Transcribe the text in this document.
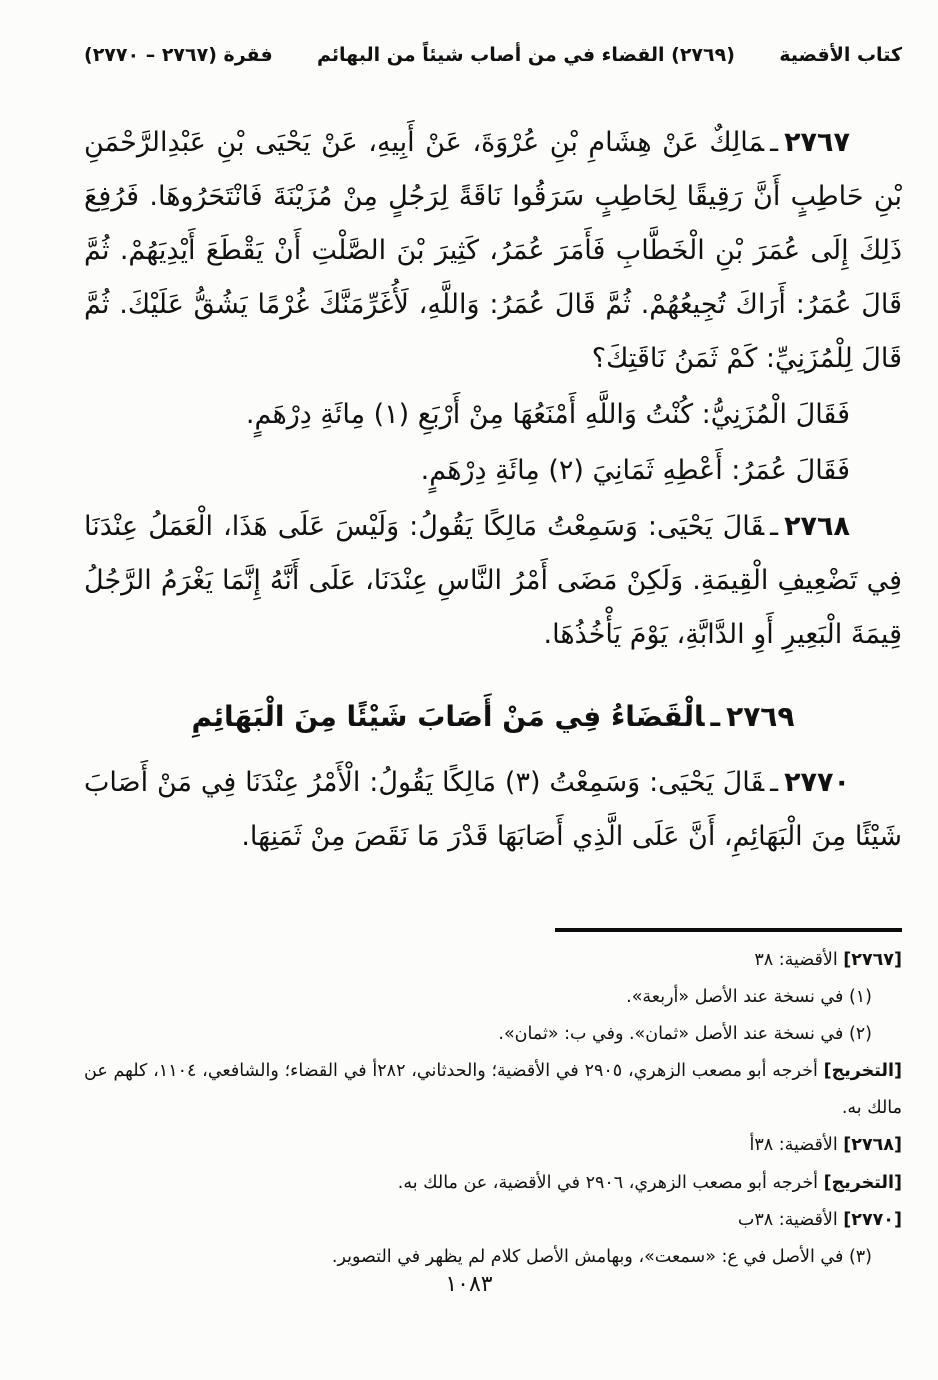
كتاب الأقضية
(٢٧٦٩) القضاء في من أصاب شيئاً من البهائم
فقرة (٢٧٦٧ – ٢٧٧٠)

٢٧٦٧ـمَالِكٌ عَنْ هِشَامِ بْنِ عُرْوَةَ، عَنْ أَبِيهِ، عَنْ يَحْيَى بْنِ عَبْدِالرَّحْمَنِ بْنِ حَاطِبٍ أَنَّ رَقِيقًا لِحَاطِبٍ سَرَقُوا نَاقَةً لِرَجُلٍ مِنْ مُزَيْنَةَ فَانْتَحَرُوهَا. فَرُفِعَ ذَلِكَ إِلَى عُمَرَ بْنِ الْخَطَّابِ فَأَمَرَ عُمَرُ، كَثِيرَ بْنَ الصَّلْتِ أَنْ يَقْطَعَ أَيْدِيَهُمْ. ثُمَّ قَالَ عُمَرُ: أَرَاكَ تُجِيعُهُمْ. ثُمَّ قَالَ عُمَرُ: وَاللَّهِ، لَأُغَرِّمَنَّكَ غُرْمًا يَشُقُّ عَلَيْكَ. ثُمَّ قَالَ لِلْمُزَنِيِّ: كَمْ ثَمَنُ نَاقَتِكَ؟

فَقَالَ الْمُزَنِيُّ: كُنْتُ وَاللَّهِ أَمْنَعُهَا مِنْ أَرْبَعِ (١) مِائَةِ دِرْهَمٍ.

فَقَالَ عُمَرُ: أَعْطِهِ ثَمَانِيَ (٢) مِائَةِ دِرْهَمٍ.

٢٧٦٨ـقَالَ يَحْيَى: وَسَمِعْتُ مَالِكًا يَقُولُ: وَلَيْسَ عَلَى هَذَا، الْعَمَلُ عِنْدَنَا فِي تَضْعِيفِ الْقِيمَةِ. وَلَكِنْ مَضَى أَمْرُ النَّاسِ عِنْدَنَا، عَلَى أَنَّهُ إِنَّمَا يَغْرَمُ الرَّجُلُ قِيمَةَ الْبَعِيرِ أَوِ الدَّابَّةِ، يَوْمَ يَأْخُذُهَا.

٢٧٦٩ـالْقَضَاءُ فِي مَنْ أَصَابَ شَيْئًا مِنَ الْبَهَائِمِ

٢٧٧٠ـقَالَ يَحْيَى: وَسَمِعْتُ (٣) مَالِكًا يَقُولُ: الْأَمْرُ عِنْدَنَا فِي مَنْ أَصَابَ شَيْئًا مِنَ الْبَهَائِمِ، أَنَّ عَلَى الَّذِي أَصَابَهَا قَدْرَ مَا نَقَصَ مِنْ ثَمَنِهَا.

[٢٧٦٧] الأقضية: ٣٨

(١) في نسخة عند الأصل «أربعة».

(٢) في نسخة عند الأصل «ثمان». وفي ب: «ثمان».

[التخريج] أخرجه أبو مصعب الزهري، ٢٩٠٥ في الأقضية؛ والحدثاني، ٢٨٢أ في القضاء؛ والشافعي، ١١٠٤، كلهم عن مالك به.

[٢٧٦٨] الأقضية: ٣٨أ

[التخريج] أخرجه أبو مصعب الزهري، ٢٩٠٦ في الأقضية، عن مالك به.

[٢٧٧٠] الأقضية: ٣٨ب

(٣) في الأصل في ع: «سمعت»، وبهامش الأصل كلام لم يظهر في التصوير.

١٠٨٣
